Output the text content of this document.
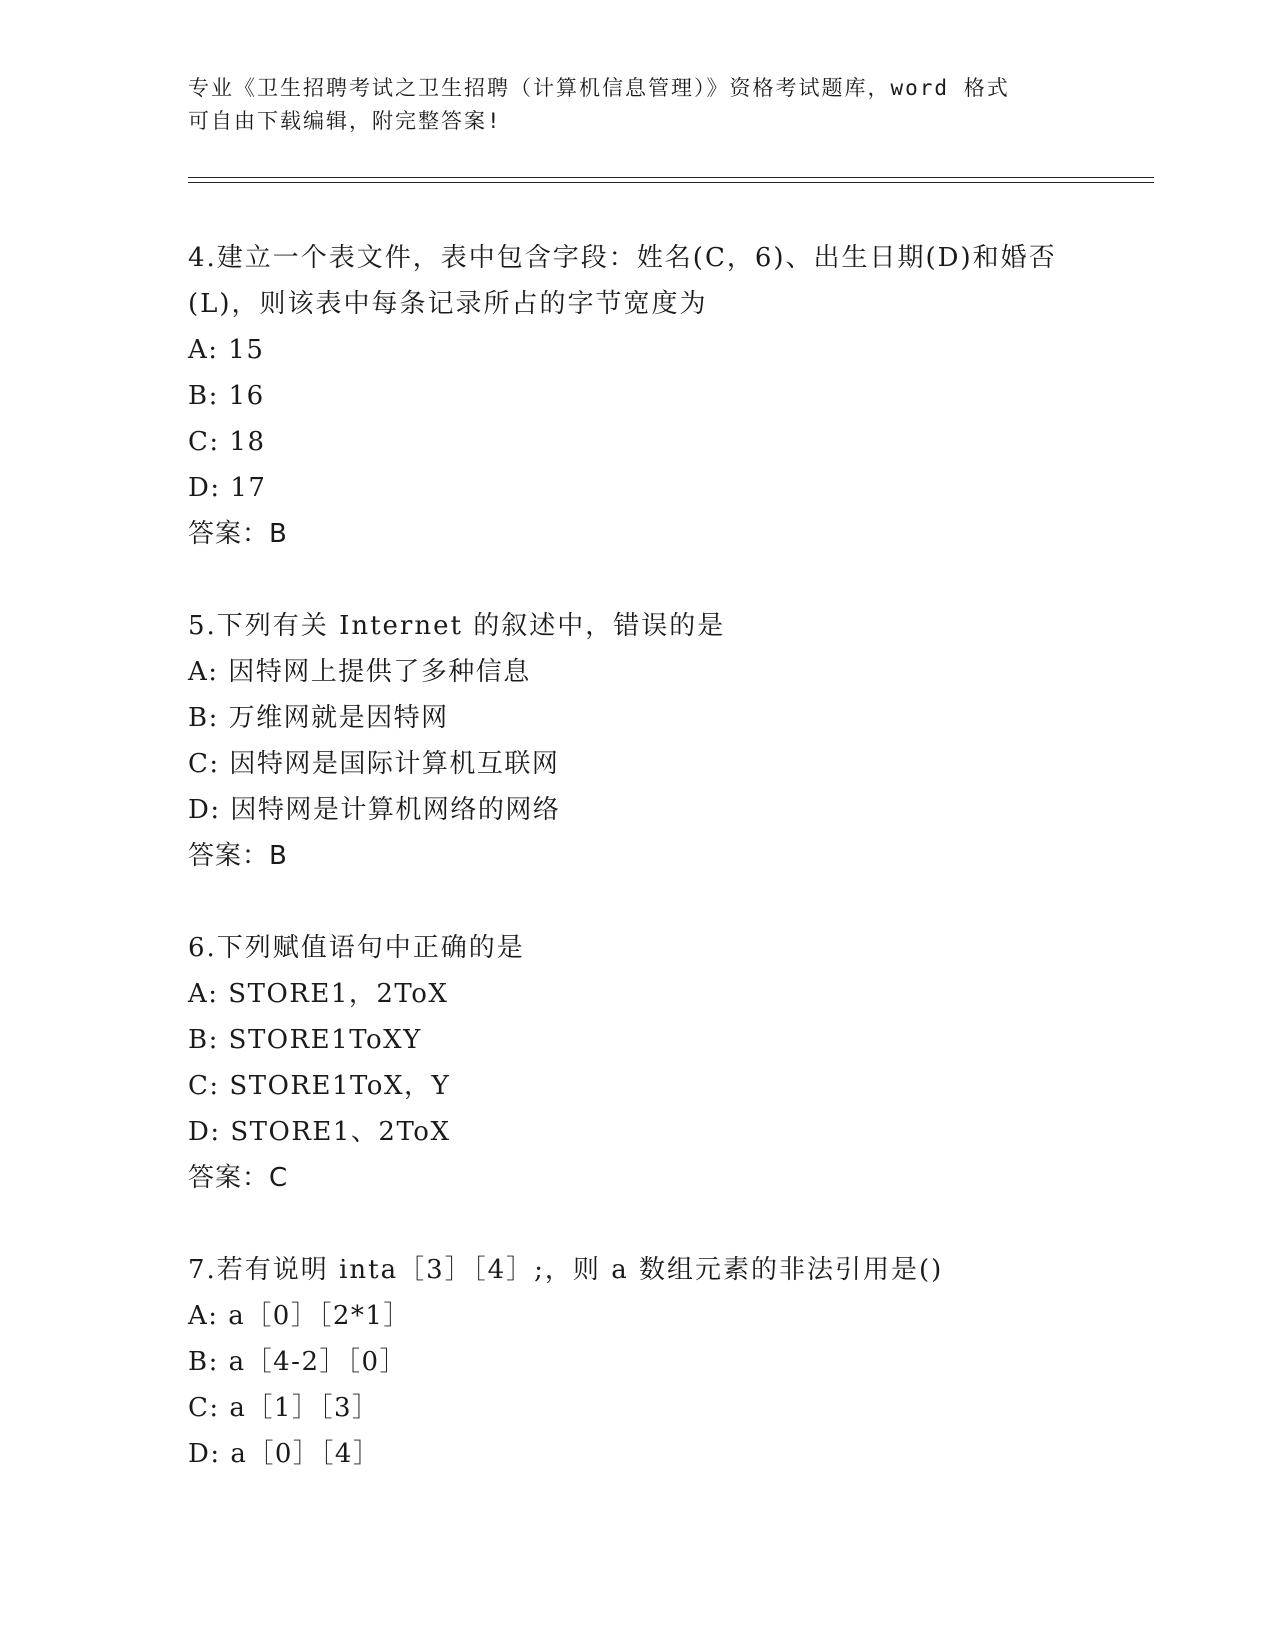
专业《卫生招聘考试之卫生招聘（计算机信息管理）》资格考试题库，word 格式
可自由下载编辑，附完整答案!
4.建立一个表文件，表中包含字段：姓名(C，6)、出生日期(D)和婚否(L)，则该表中每条记录所占的字节宽度为
A: 15
B: 16
C: 18
D: 17
答案：B
5.下列有关 Internet 的叙述中，错误的是
A: 因特网上提供了多种信息
B: 万维网就是因特网
C: 因特网是国际计算机互联网
D: 因特网是计算机网络的网络
答案：B
6.下列赋值语句中正确的是
A: STORE1，2ToX
B: STORE1ToXY
C: STORE1ToX，Y
D: STORE1、2ToX
答案：C
7.若有说明 inta［3］［4］;，则 a 数组元素的非法引用是()
A: a［0］［2*1］
B: a［4-2］［0］
C: a［1］［3］
D: a［0］［4］
